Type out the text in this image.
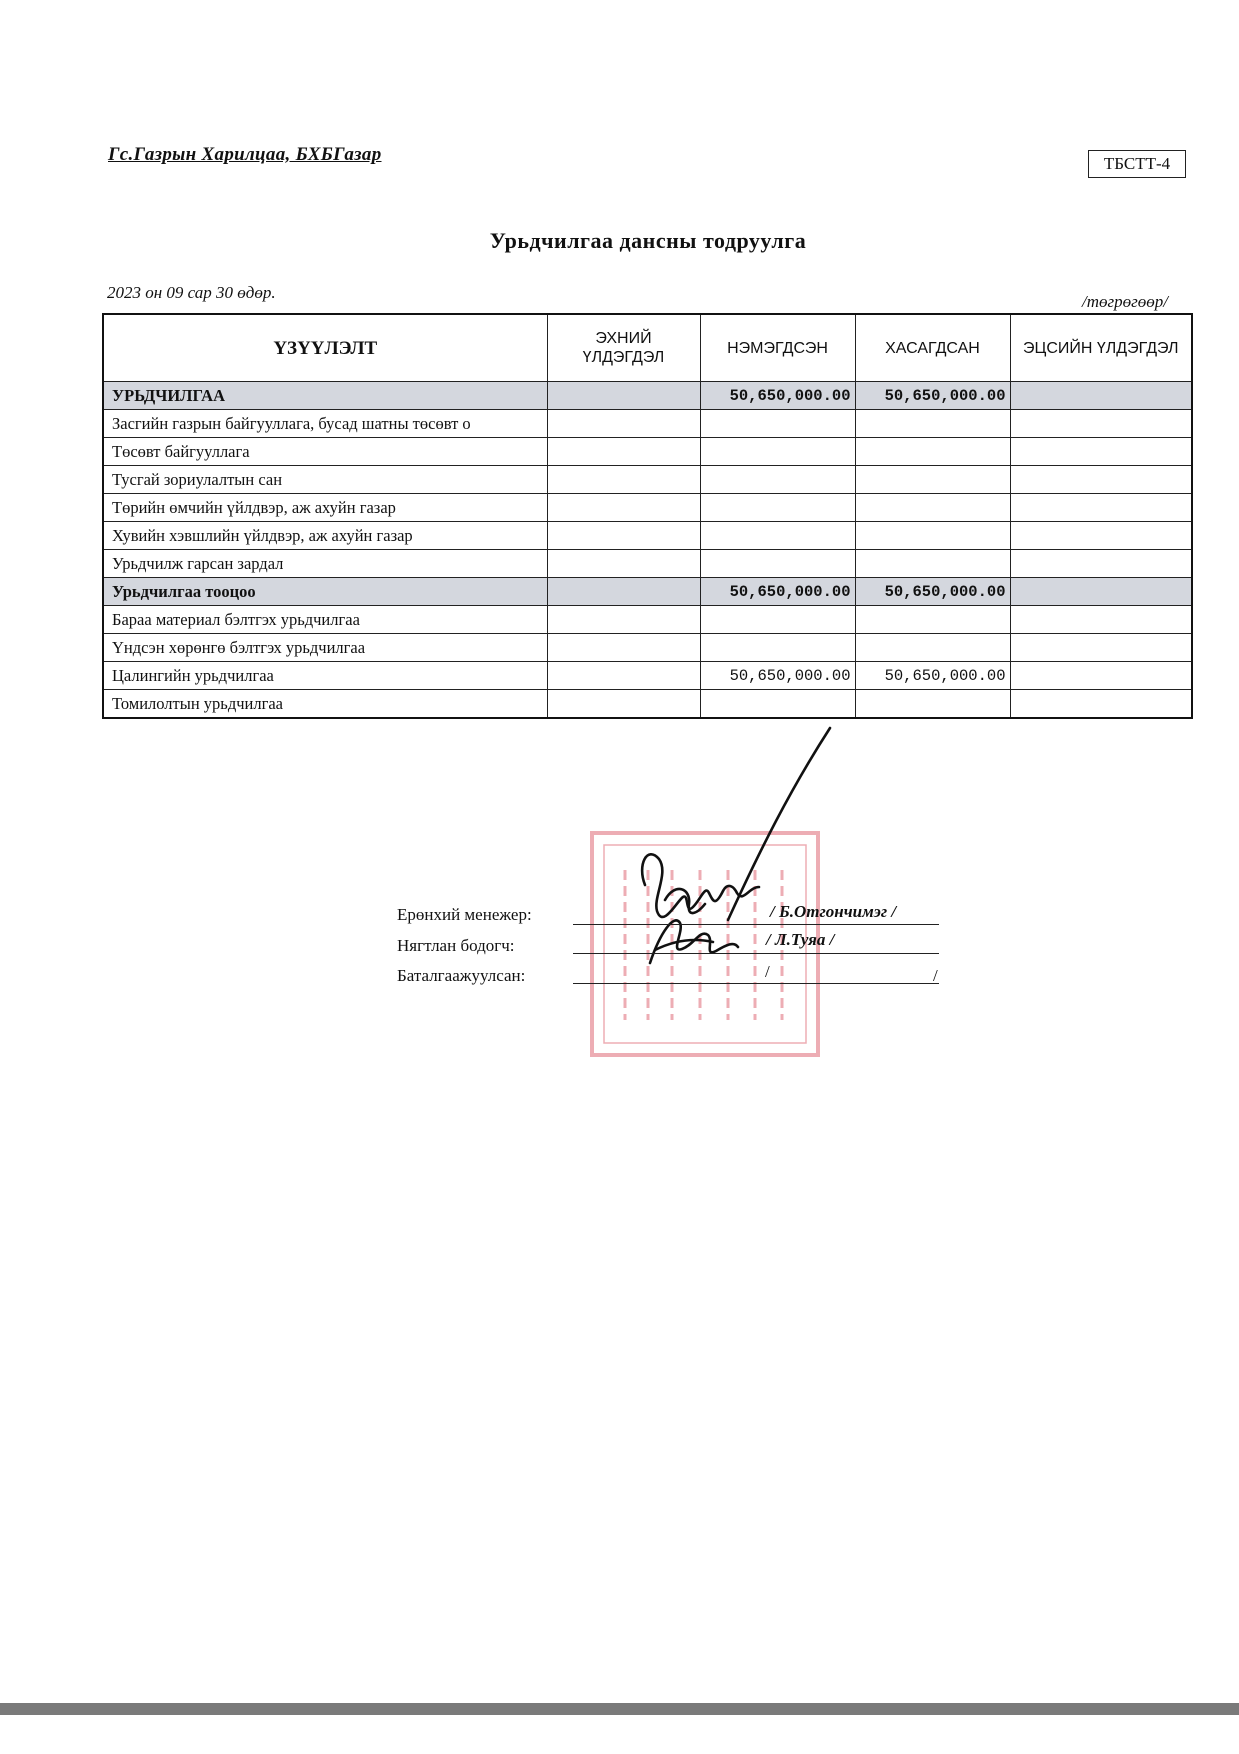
Гс.Газрын Харилцаа, БХБГазар	ТБСТТ-4
Урьдчилгаа дансны тодруулга
2023 он 09 сар 30 өдөр.	/төгрөгөөр/
ҮЗҮҮЛЭЛТ	ЭХНИЙ ҮЛДЭГДЭЛ	НЭМЭГДСЭН	ХАСАГДСАН	ЭЦСИЙН ҮЛДЭГДЭЛ
УРЬДЧИЛГАА		50,650,000.00	50,650,000.00	
Засгийн газрын байгууллага, бусад шатны төсөвт о				
Төсөвт байгууллага				
Тусгай зориулалтын сан				
Төрийн өмчийн үйлдвэр, аж ахуйн газар				
Хувийн хэвшлийн үйлдвэр, аж ахуйн газар				
Урьдчилж гарсан зардал				
Урьдчилгаа тооцоо		50,650,000.00	50,650,000.00	
Бараа материал бэлтгэх урьдчилгаа				
Үндсэн хөрөнгө бэлтгэх урьдчилгаа				
Цалингийн урьдчилгаа		50,650,000.00	50,650,000.00	
Томилолтын урьдчилгаа				
Ерөнхий менежер:	/ Б.Отгончимэг /
Нягтлан бодогч:	/ Л.Туяа /
Баталгаажуулсан:	/	/
